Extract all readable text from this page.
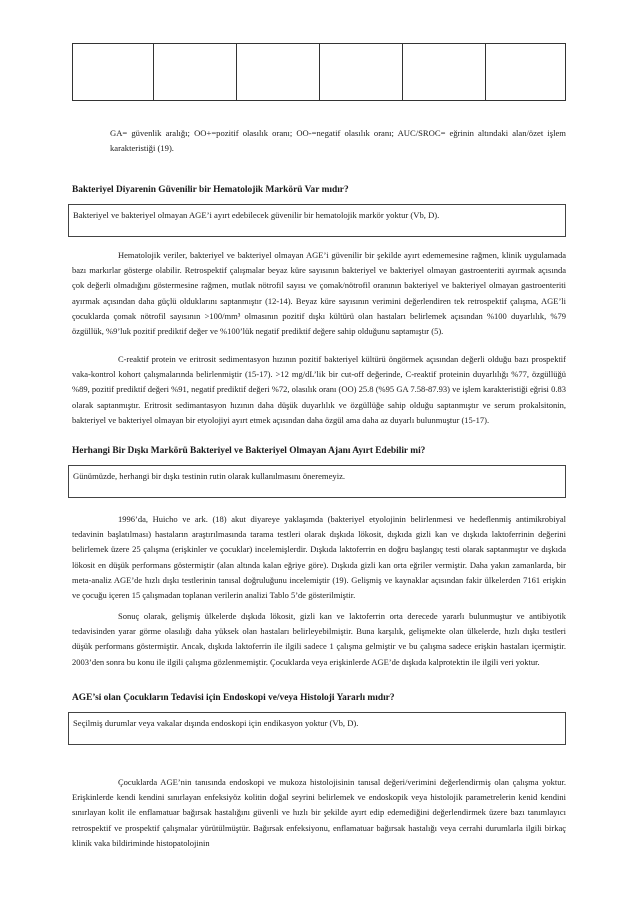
GA= güvenlik aralığı; OO+=pozitif olasılık oranı; OO-=negatif olasılık oranı; AUC/SROC= eğrinin altındaki alan/özet işlem karakteristiği (19).

Bakteriyel Diyarenin Güvenilir bir Hematolojik Markörü Var mıdır?

Bakteriyel ve bakteriyel olmayan AGE’i ayırt edebilecek güvenilir bir hematolojik markör yoktur (Vb, D).

Hematolojik veriler, bakteriyel ve bakteriyel olmayan AGE’i güvenilir bir şekilde ayırt edememesine rağmen, klinik uygulamada bazı markırlar gösterge olabilir. Retrospektif çalışmalar beyaz küre sayısının bakteriyel ve bakteriyel olmayan gastroenteriti ayırmak açısında çok değerli olmadığını göstermesine rağmen, mutlak nötrofil sayısı ve çomak/nötrofil oranının bakteriyel ve bakteriyel olmayan gastroenteriti ayırmak açısından daha güçlü olduklarını saptanmıştır (12-14). Beyaz küre sayısının verimini değerlendiren tek retrospektif çalışma, AGE’li çocuklarda çomak nötrofil sayısının >100/mm³ olmasının pozitif dışkı kültürü olan hastaları belirlemek açısından %100 duyarlılık, %79 özgüllük, %9’luk pozitif prediktif değer ve %100’lük negatif prediktif değere sahip olduğunu saptamıştır (5).

C-reaktif protein ve eritrosit sedimentasyon hızının pozitif bakteriyel kültürü öngörmek açısından değerli olduğu bazı prospektif vaka-kontrol kohort çalışmalarında belirlenmiştir (15-17). >12 mg/dL’lik bir cut-off değerinde, C-reaktif proteinin duyarlılığı %77, özgüllüğü %89, pozitif prediktif değeri %91, negatif prediktif değeri %72, olasılık oranı (OO) 25.8 (%95 GA 7.58-87.93) ve işlem karakteristiği eğrisi 0.83 olarak saptanmıştır. Eritrosit sedimantasyon hızının daha düşük duyarlılık ve özgüllüğe sahip olduğu saptanmıştır ve serum prokalsitonin, bakteriyel ve bakteriyel olmayan bir etyolojiyi ayırt etmek açısından daha özgül ama daha az duyarlı bulunmuştur (15-17).

Herhangi Bir Dışkı Markörü Bakteriyel ve Bakteriyel Olmayan Ajanı Ayırt Edebilir mi?

Günümüzde, herhangi bir dışkı testinin rutin olarak kullanılmasını öneremeyiz.

1996’da, Huicho ve ark. (18) akut diyareye yaklaşımda (bakteriyel etyolojinin belirlenmesi ve hedeflenmiş antimikrobiyal tedavinin başlatılması) hastaların araştırılmasında tarama testleri olarak dışkıda lökosit, dışkıda gizli kan ve dışkıda laktoferrinin değerini belirlemek üzere 25 çalışma (erişkinler ve çocuklar) incelemişlerdir. Dışkıda laktoferrin en doğru başlangıç testi olarak saptanmıştır ve dışkıda lökosit en düşük performans göstermiştir (alan altında kalan eğriye göre). Dışkıda gizli kan orta eğriler vermiştir. Daha yakın zamanlarda, bir meta-analiz AGE’de hızlı dışkı testlerinin tanısal doğruluğunu incelemiştir (19). Gelişmiş ve kaynaklar açısından fakir ülkelerden 7161 erişkin ve çocuğu içeren 15 çalışmadan toplanan verilerin analizi Tablo 5’de gösterilmiştir.

Sonuç olarak, gelişmiş ülkelerde dışkıda lökosit, gizli kan ve laktoferrin orta derecede yararlı bulunmuştur ve antibiyotik tedavisinden yarar görme olasılığı daha yüksek olan hastaları belirleyebilmiştir. Buna karşılık, gelişmekte olan ülkelerde, hızlı dışkı testleri düşük performans göstermiştir. Ancak, dışkıda laktoferrin ile ilgili sadece 1 çalışma gelmiştir ve bu çalışma sadece erişkin hastaları içermiştir. 2003’den sonra bu konu ile ilgili çalışma gözlenmemiştir. Çocuklarda veya erişkinlerde AGE’de dışkıda kalprotektin ile ilgili veri yoktur.

AGE’si olan Çocukların Tedavisi için Endoskopi ve/veya Histoloji Yararlı mıdır?

Seçilmiş durumlar veya vakalar dışında endoskopi için endikasyon yoktur (Vb, D).

Çocuklarda AGE’nin tanısında endoskopi ve mukoza histolojisinin tanısal değeri/verimini değerlendirmiş olan çalışma yoktur. Erişkinlerde kendi kendini sınırlayan enfeksiyöz kolitin doğal seyrini belirlemek ve endoskopik veya histolojik parametrelerin kenid kendini sınırlayan kolit ile enflamatuar bağırsak hastalığını güvenli ve hızlı bir şekilde ayırt edip edemediğini değerlendirmek üzere bazı tanımlayıcı retrospektif ve prospektif çalışmalar yürütülmüştür. Bağırsak enfeksiyonu, enflamatuar bağırsak hastalığı veya cerrahi durumlarla ilgili birkaç klinik vaka bildiriminde histopatolojinin
